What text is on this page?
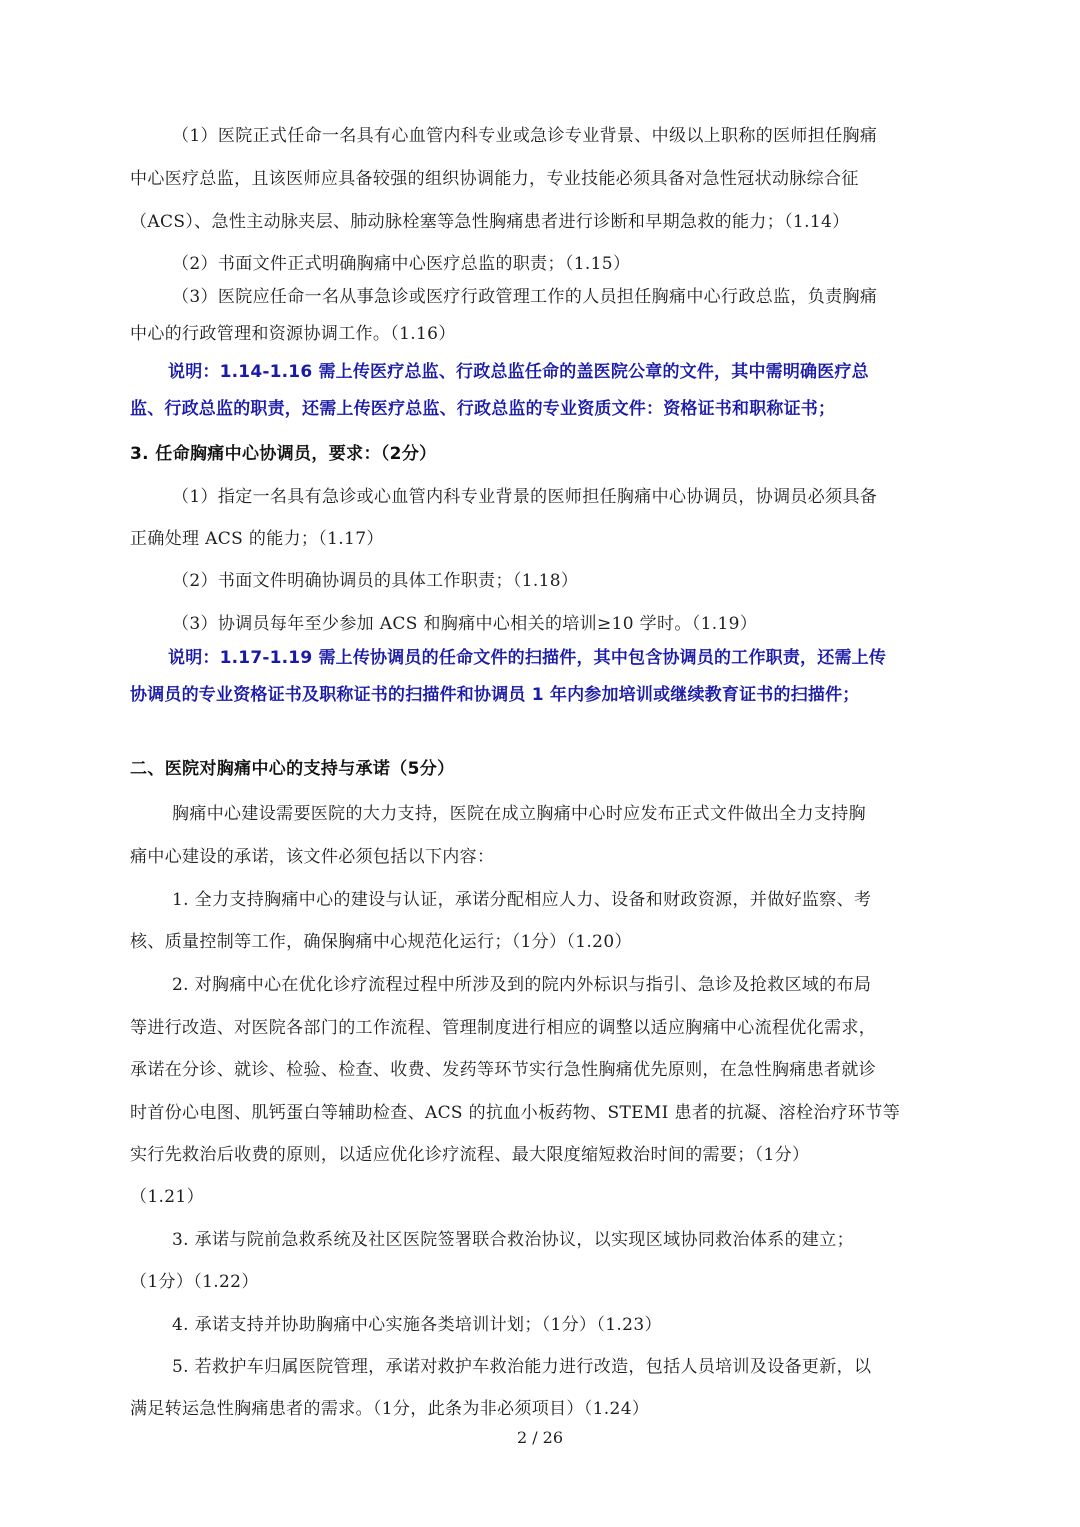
（1）医院正式任命一名具有心血管内科专业或急诊专业背景、中级以上职称的医师担任胸痛
中心医疗总监，且该医师应具备较强的组织协调能力，专业技能必须具备对急性冠状动脉综合征
（ACS）、急性主动脉夹层、肺动脉栓塞等急性胸痛患者进行诊断和早期急救的能力；（1.14）
（2）书面文件正式明确胸痛中心医疗总监的职责；（1.15）
（3）医院应任命一名从事急诊或医疗行政管理工作的人员担任胸痛中心行政总监，负责胸痛
中心的行政管理和资源协调工作。（1.16）
说明：1.14-1.16 需上传医疗总监、行政总监任命的盖医院公章的文件，其中需明确医疗总
监、行政总监的职责，还需上传医疗总监、行政总监的专业资质文件：资格证书和职称证书；
3. 任命胸痛中心协调员，要求：（2分）
（1）指定一名具有急诊或心血管内科专业背景的医师担任胸痛中心协调员，协调员必须具备
正确处理 ACS 的能力；（1.17）
（2）书面文件明确协调员的具体工作职责；（1.18）
（3）协调员每年至少参加 ACS 和胸痛中心相关的培训≥10 学时。（1.19）
说明：1.17-1.19 需上传协调员的任命文件的扫描件，其中包含协调员的工作职责，还需上传
协调员的专业资格证书及职称证书的扫描件和协调员 1 年内参加培训或继续教育证书的扫描件；
二、医院对胸痛中心的支持与承诺（5分）
胸痛中心建设需要医院的大力支持，医院在成立胸痛中心时应发布正式文件做出全力支持胸
痛中心建设的承诺，该文件必须包括以下内容：
1. 全力支持胸痛中心的建设与认证，承诺分配相应人力、设备和财政资源，并做好监察、考
核、质量控制等工作，确保胸痛中心规范化运行；（1分）（1.20）
2. 对胸痛中心在优化诊疗流程过程中所涉及到的院内外标识与指引、急诊及抢救区域的布局
等进行改造、对医院各部门的工作流程、管理制度进行相应的调整以适应胸痛中心流程优化需求，
承诺在分诊、就诊、检验、检查、收费、发药等环节实行急性胸痛优先原则，在急性胸痛患者就诊
时首份心电图、肌钙蛋白等辅助检查、ACS 的抗血小板药物、STEMI 患者的抗凝、溶栓治疗环节等
实行先救治后收费的原则，以适应优化诊疗流程、最大限度缩短救治时间的需要；（1分）
（1.21）
3. 承诺与院前急救系统及社区医院签署联合救治协议，以实现区域协同救治体系的建立；
（1分）（1.22）
4. 承诺支持并协助胸痛中心实施各类培训计划；（1分）（1.23）
5. 若救护车归属医院管理，承诺对救护车救治能力进行改造，包括人员培训及设备更新，以
满足转运急性胸痛患者的需求。（1分，此条为非必须项目）（1.24）
2 / 26
